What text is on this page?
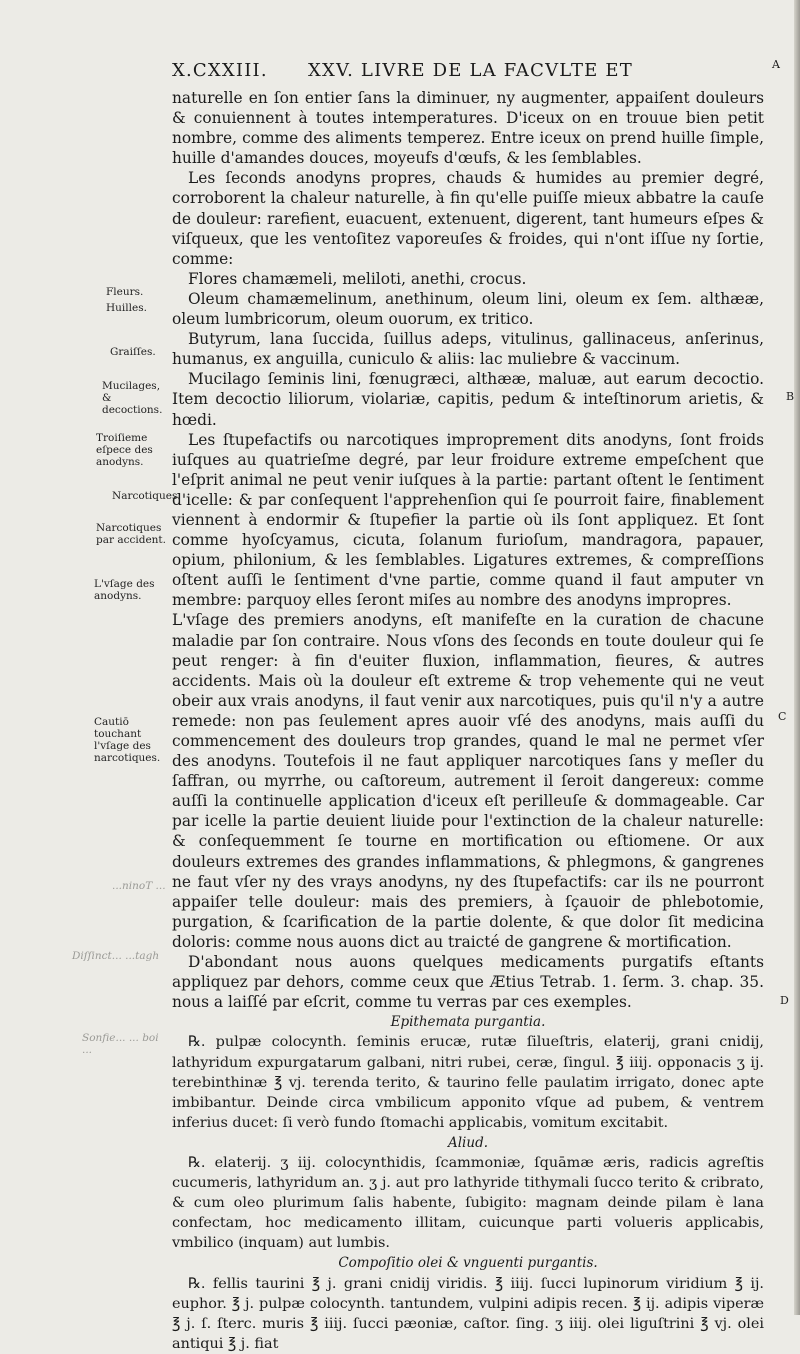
X.CXXIII. XXV. LIVRE DE LA FACVLTE ET	A

naturelle en ſon entier ſans la diminuer, ny augmenter, appaiſent douleurs & conuiennent à toutes intemperatures. D'iceux on en trouue bien petit nombre, comme des aliments temperez. Entre iceux on prend huille ſimple, huille d'amandes douces, moyeufs d'œufs, & les ſemblables.

Les ſeconds anodyns propres, chauds & humides au premier degré, corroborent la chaleur naturelle, à fin qu'elle puiſſe mieux abbatre la cauſe de douleur: rarefient, euacuent, extenuent, digerent, tant humeurs eſpes & viſqueux, que les ventoſitez vaporeuſes & froides, qui n'ont iſſue ny ſortie, comme:

Flores chamæmeli, meliloti, anethi, crocus.

Oleum chamæmelinum, anethinum, oleum lini, oleum ex ſem. althææ, oleum lumbricorum, oleum ouorum, ex tritico.

Butyrum, lana ſuccida, ſuillus adeps, vitulinus, gallinaceus, anſerinus, humanus, ex anguilla, cuniculo & aliis: lac muliebre & vaccinum.

Mucilago ſeminis lini, fœnugræci, althææ, maluæ, aut earum decoctio. Item decoctio liliorum, violariæ, capitis, pedum & inteſtinorum arietis, & hœdi.

Les ſtupefactifs ou narcotiques improprement dits anodyns, ſont froids iuſques au quatrieſme degré, par leur froidure extreme empeſchent que l'eſprit animal ne peut venir iuſques à la partie: partant oſtent le ſentiment d'icelle: & par conſequent l'apprehenſion qui ſe pourroit faire, finablement viennent à endormir & ſtupefier la partie où ils ſont appliquez. Et ſont comme hyoſcyamus, cicuta, ſolanum furioſum, mandragora, papauer, opium, philonium, & les ſemblables. Ligatures extremes, & compreſſions oſtent auſſi le ſentiment d'vne partie, comme quand il faut amputer vn membre: parquoy elles ſeront miſes au nombre des anodyns impropres.

L'vſage des premiers anodyns, eſt manifeſte en la curation de chacune maladie par ſon contraire. Nous vſons des ſeconds en toute douleur qui ſe peut renger: à fin d'euiter fluxion, inflammation, fieures, & autres accidents. Mais où la douleur eſt extreme & trop vehemente qui ne veut obeir aux vrais anodyns, il faut venir aux narcotiques, puis qu'il n'y a autre remede: non pas ſeulement apres auoir vſé des anodyns, mais auſſi du commencement des douleurs trop grandes, quand le mal ne permet vſer des anodyns. Toutefois il ne faut appliquer narcotiques ſans y meſler du ſaffran, ou myrrhe, ou caſtoreum, autrement il ſeroit dangereux: comme auſſi la continuelle application d'iceux eſt perilleuſe & dommageable. Car par icelle la partie deuient liuide pour l'extinction de la chaleur naturelle: & conſequemment ſe tourne en mortification ou eſtiomene. Or aux douleurs extremes des grandes inflammations, & phlegmons, & gangrenes ne faut vſer ny des vrays anodyns, ny des ſtupefactifs: car ils ne pourront appaiſer telle douleur: mais des premiers, à ſçauoir de phlebotomie, purgation, & ſcarification de la partie dolente, & que dolor ſit medicina doloris: comme nous auons dict au traicté de gangrene & mortification.

D'abondant nous auons quelques medicaments purgatifs eſtants appliquez par dehors, comme ceux que Ætius Tetrab. 1. ſerm. 3. chap. 35. nous a laiſſé par eſcrit, comme tu verras par ces exemples.

Epithemata purgantia.

℞. pulpæ colocynth. ſeminis erucæ, rutæ ſilueſtris, elaterij, grani cnidij, lathyridum expurgatarum galbani, nitri rubei, ceræ, ſingul. ℥ iiij. opponacis ʒ ij. terebinthinæ ℥ vj. terenda terito, & taurino felle paulatim irrigato, donec apte imbibantur. Deinde circa vmbilicum apponito vſque ad pubem, & ventrem inferius ducet: ſi verò fundo ſtomachi applicabis, vomitum excitabit.

Aliud.

℞. elaterij. ʒ iij. colocynthidis, ſcammoniæ, ſquāmæ æris, radicis agreſtis cucumeris, lathyridum an. ʒ j. aut pro lathyride tithymali ſucco terito & cribrato, & cum oleo plurimum ſalis habente, ſubigito: magnam deinde pilam è lana confectam, hoc medicamento illitam, cuicunque parti volueris applicabis, vmbilico (inquam) aut lumbis.

Compoſitio olei & vnguenti purgantis.

℞. fellis taurini ℥ j. grani cnidij viridis. ℥ iiij. ſucci lupinorum viridium ℥ ij. euphor. ℥ j. pulpæ colocynth. tantundem, vulpini adipis recen. ℥ ij. adipis viperæ ℥ j. ſ. ſterc. muris ℥ iiij. ſucci pæoniæ, caſtor. ſing. ʒ iiij. olei liguſtrini ℥ vj. olei antiqui ℥ j. fiat

Fleurs.
Huilles.
Graiſſes.
Mucilages, & decoctions.
Troiſieme eſpece des anodyns.
Narcotiques.
Narcotiques par accident.
L'vſage des anodyns.
Cautiō touchant l'vſage des narcotiques.
...ninoT ...
Diſſinct... ...tagh
Sonfie... ... boi ...
B
C
D
